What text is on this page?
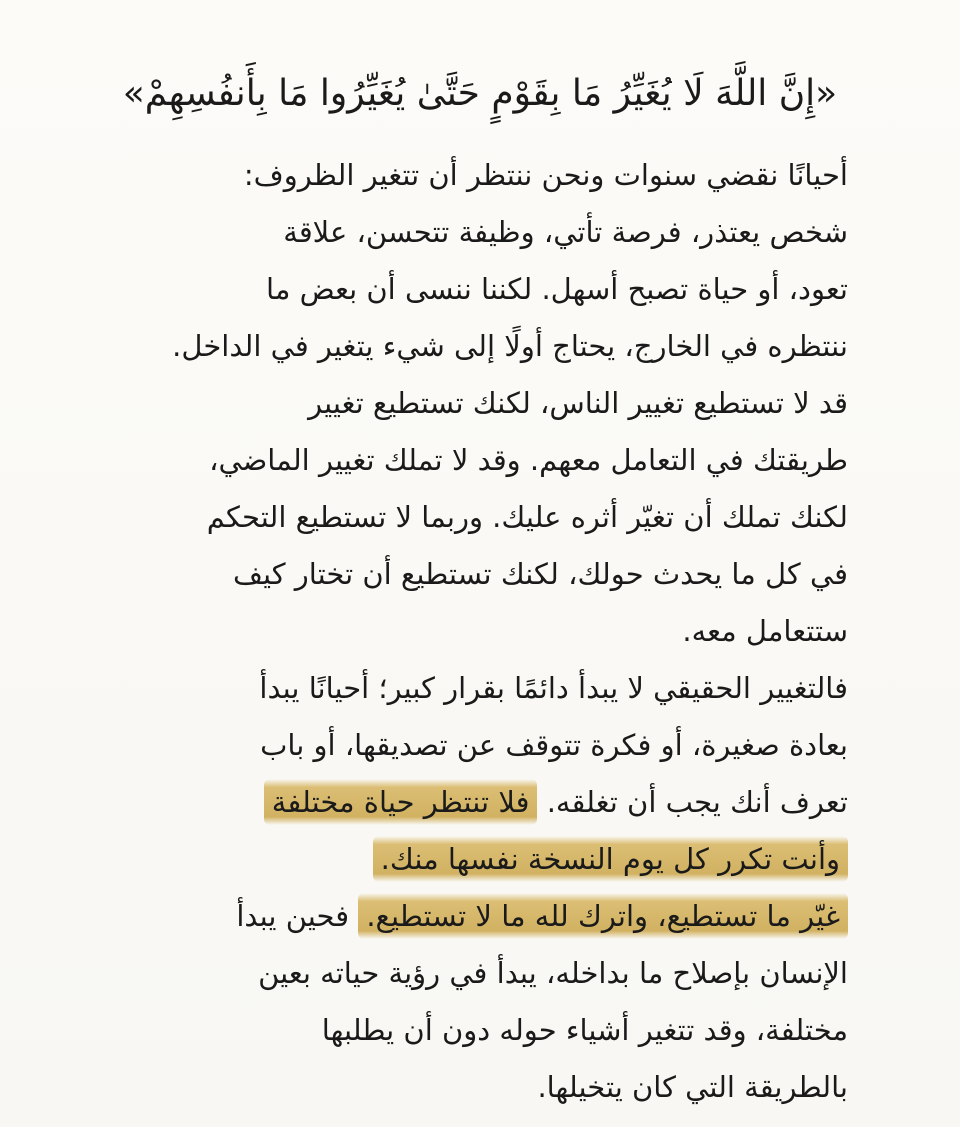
«إِنَّ اللَّهَ لَا يُغَيِّرُ مَا بِقَوْمٍ حَتَّىٰ يُغَيِّرُوا مَا بِأَنفُسِهِمْ»
أحيانًا نقضي سنوات ونحن ننتظر أن تتغير الظروف:
شخص يعتذر، فرصة تأتي، وظيفة تتحسن، علاقة
تعود، أو حياة تصبح أسهل. لكننا ننسى أن بعض ما
ننتظره في الخارج، يحتاج أولًا إلى شيء يتغير في الداخل.
قد لا تستطيع تغيير الناس، لكنك تستطيع تغيير
طريقتك في التعامل معهم. وقد لا تملك تغيير الماضي،
لكنك تملك أن تغيّر أثره عليك. وربما لا تستطيع التحكم
في كل ما يحدث حولك، لكنك تستطيع أن تختار كيف
ستتعامل معه.
فالتغيير الحقيقي لا يبدأ دائمًا بقرار كبير؛ أحيانًا يبدأ
بعادة صغيرة، أو فكرة تتوقف عن تصديقها، أو باب
تعرف أنك يجب أن تغلقه. فلا تنتظر حياة مختلفة
وأنت تكرر كل يوم النسخة نفسها منك.
غيّر ما تستطيع، واترك لله ما لا تستطيع. فحين يبدأ
الإنسان بإصلاح ما بداخله، يبدأ في رؤية حياته بعين
مختلفة، وقد تتغير أشياء حوله دون أن يطلبها
بالطريقة التي كان يتخيلها.
